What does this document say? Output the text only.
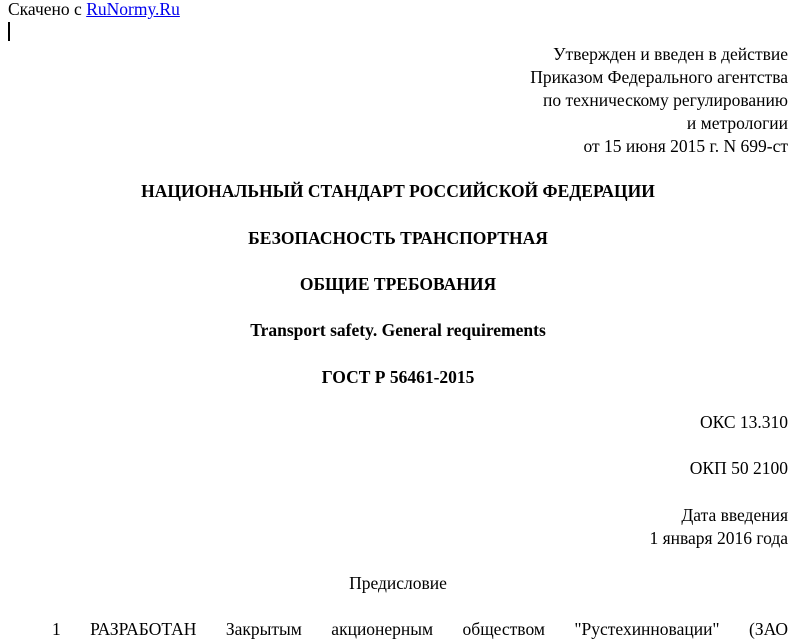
Скачено с RuNormy.Ru
Утвержден и введен в действие
Приказом Федерального агентства
по техническому регулированию
и метрологии
от 15 июня 2015 г. N 699-ст
НАЦИОНАЛЬНЫЙ СТАНДАРТ РОССИЙСКОЙ ФЕДЕРАЦИИ
БЕЗОПАСНОСТЬ ТРАНСПОРТНАЯ
ОБЩИЕ ТРЕБОВАНИЯ
Transport safety. General requirements
ГОСТ Р 56461-2015
ОКС 13.310
ОКП 50 2100
Дата введения
1 января 2016 года
Предисловие
1 РАЗРАБОТАН Закрытым акционерным обществом "Рустехинновации" (ЗАО
